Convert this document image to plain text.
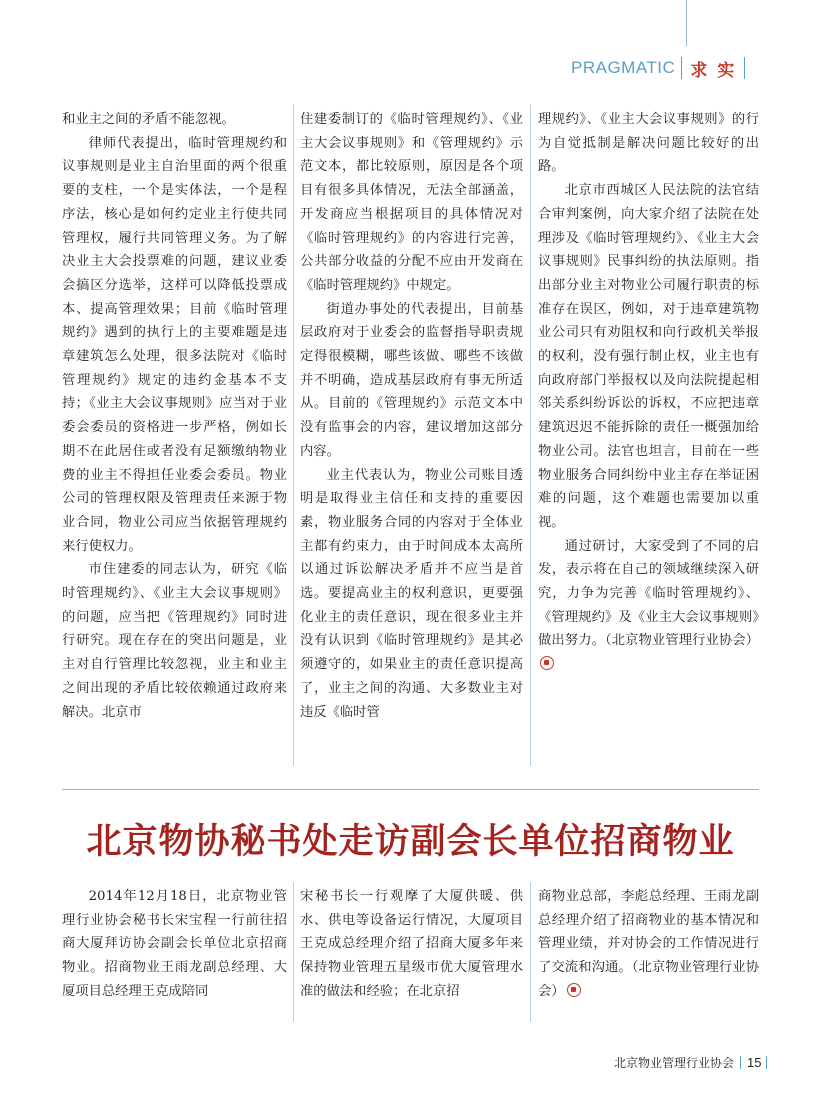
PRAGMATIC 求实

和业主之间的矛盾不能忽视。

律师代表提出，临时管理规约和议事规则是业主自治里面的两个很重要的支柱，一个是实体法，一个是程序法，核心是如何约定业主行使共同管理权，履行共同管理义务。为了解决业主大会投票难的问题，建议业委会搞区分选举，这样可以降低投票成本、提高管理效果；目前《临时管理规约》遇到的执行上的主要难题是违章建筑怎么处理，很多法院对《临时管理规约》规定的违约金基本不支持；《业主大会议事规则》应当对于业委会委员的资格进一步严格，例如长期不在此居住或者没有足额缴纳物业费的业主不得担任业委会委员。物业公司的管理权限及管理责任来源于物业合同，物业公司应当依据管理规约来行使权力。

市住建委的同志认为，研究《临时管理规约》、《业主大会议事规则》的问题，应当把《管理规约》同时进行研究。现在存在的突出问题是，业主对自行管理比较忽视，业主和业主之间出现的矛盾比较依赖通过政府来解决。北京市

住建委制订的《临时管理规约》、《业主大会议事规则》和《管理规约》示范文本，都比较原则，原因是各个项目有很多具体情况，无法全部涵盖，开发商应当根据项目的具体情况对《临时管理规约》的内容进行完善，公共部分收益的分配不应由开发商在《临时管理规约》中规定。

街道办事处的代表提出，目前基层政府对于业委会的监督指导职责规定得很模糊，哪些该做、哪些不该做并不明确，造成基层政府有事无所适从。目前的《管理规约》示范文本中没有监事会的内容，建议增加这部分内容。

业主代表认为，物业公司账目透明是取得业主信任和支持的重要因素，物业服务合同的内容对于全体业主都有约束力，由于时间成本太高所以通过诉讼解决矛盾并不应当是首选。要提高业主的权利意识，更要强化业主的责任意识，现在很多业主并没有认识到《临时管理规约》是其必须遵守的，如果业主的责任意识提高了，业主之间的沟通、大多数业主对违反《临时管

理规约》、《业主大会议事规则》的行为自觉抵制是解决问题比较好的出路。

北京市西城区人民法院的法官结合审判案例，向大家介绍了法院在处理涉及《临时管理规约》、《业主大会议事规则》民事纠纷的执法原则。指出部分业主对物业公司履行职责的标准存在误区，例如，对于违章建筑物业公司只有劝阻权和向行政机关举报的权利，没有强行制止权，业主也有向政府部门举报权以及向法院提起相邻关系纠纷诉讼的诉权，不应把违章建筑迟迟不能拆除的责任一概强加给物业公司。法官也坦言，目前在一些物业服务合同纠纷中业主存在举证困难的问题，这个难题也需要加以重视。

通过研讨，大家受到了不同的启发，表示将在自己的领域继续深入研究，力争为完善《临时管理规约》、《管理规约》及《业主大会议事规则》做出努力。（北京物业管理行业协会）

北京物协秘书处走访副会长单位招商物业

2014年12月18日，北京物业管理行业协会秘书长宋宝程一行前往招商大厦拜访协会副会长单位北京招商物业。招商物业王雨龙副总经理、大厦项目总经理王克成陪同

宋秘书长一行观摩了大厦供暖、供水、供电等设备运行情况，大厦项目王克成总经理介绍了招商大厦多年来保持物业管理五星级市优大厦管理水准的做法和经验；在北京招

商物业总部，李彪总经理、王雨龙副总经理介绍了招商物业的基本情况和管理业绩，并对协会的工作情况进行了交流和沟通。（北京物业管理行业协会）

北京物业管理行业协会 15
